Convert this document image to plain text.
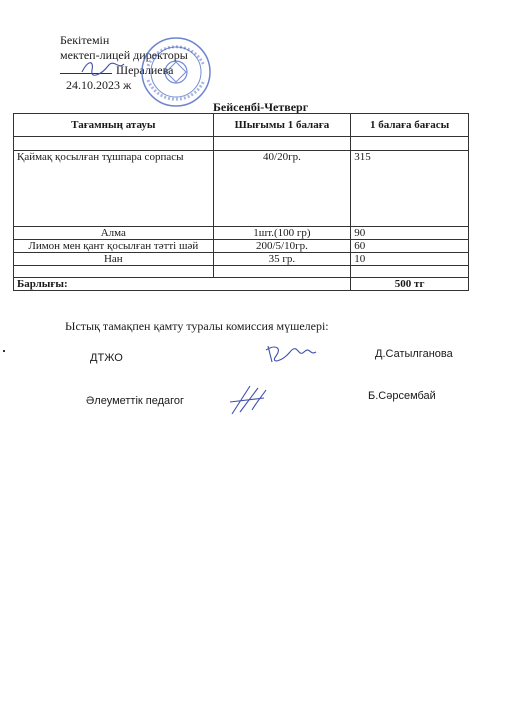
Бекітемін
мектеп-лицей директоры
Шералиева
24.10.2023 ж
Бейсенбі-Четверг
Тағамның атауы	Шығымы 1 балаға	1 балаға бағасы

Қаймақ қосылған тұшпара сорпасы	40/20гр.	315
Алма	1шт.(100 гр)	90
Лимон мен қант қосылған тәтті шәй	200/5/10гр.	60
Нан	35 гр.	10

Барлығы:		500 тг
Ыстық тамақпен қамту туралы комиссия мүшелері:
ДТЖО	Д.Сатылганова
Әлеуметтік педагог	Б.Сәрсембай
